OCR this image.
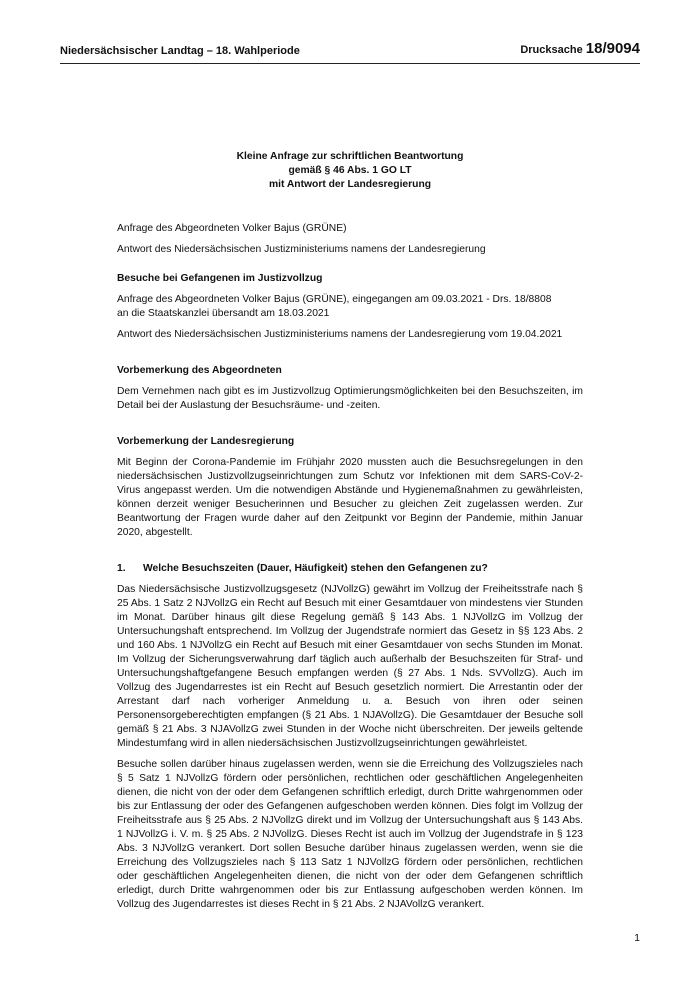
Niedersächsischer Landtag – 18. Wahlperiode	Drucksache 18/9094
Kleine Anfrage zur schriftlichen Beantwortung
gemäß § 46 Abs. 1 GO LT
mit Antwort der Landesregierung

Anfrage des Abgeordneten Volker Bajus (GRÜNE)

Antwort des Niedersächsischen Justizministeriums namens der Landesregierung

Besuche bei Gefangenen im Justizvollzug

Anfrage des Abgeordneten Volker Bajus (GRÜNE), eingegangen am 09.03.2021 - Drs. 18/8808
an die Staatskanzlei übersandt am 18.03.2021

Antwort des Niedersächsischen Justizministeriums namens der Landesregierung vom 19.04.2021

Vorbemerkung des Abgeordneten

Dem Vernehmen nach gibt es im Justizvollzug Optimierungsmöglichkeiten bei den Besuchszeiten, im Detail bei der Auslastung der Besuchsräume- und -zeiten.

Vorbemerkung der Landesregierung

Mit Beginn der Corona-Pandemie im Frühjahr 2020 mussten auch die Besuchsregelungen in den niedersächsischen Justizvollzugseinrichtungen zum Schutz vor Infektionen mit dem SARS-CoV-2-Virus angepasst werden. Um die notwendigen Abstände und Hygienemaßnahmen zu gewährleisten, können derzeit weniger Besucherinnen und Besucher zu gleichen Zeit zugelassen werden. Zur Beantwortung der Fragen wurde daher auf den Zeitpunkt vor Beginn der Pandemie, mithin Januar 2020, abgestellt.

1.	Welche Besuchszeiten (Dauer, Häufigkeit) stehen den Gefangenen zu?

Das Niedersächsische Justizvollzugsgesetz (NJVollzG) gewährt im Vollzug der Freiheitsstrafe nach § 25 Abs. 1 Satz 2 NJVollzG ein Recht auf Besuch mit einer Gesamtdauer von mindestens vier Stunden im Monat. Darüber hinaus gilt diese Regelung gemäß § 143 Abs. 1 NJVollzG im Vollzug der Untersuchungshaft entsprechend. Im Vollzug der Jugendstrafe normiert das Gesetz in §§ 123 Abs. 2 und 160 Abs. 1 NJVollzG ein Recht auf Besuch mit einer Gesamtdauer von sechs Stunden im Monat. Im Vollzug der Sicherungsverwahrung darf täglich auch außerhalb der Besuchszeiten für Straf- und Untersuchungshaftgefangene Besuch empfangen werden (§ 27 Abs. 1 Nds. SVVollzG). Auch im Vollzug des Jugendarrestes ist ein Recht auf Besuch gesetzlich normiert. Die Arrestantin oder der Arrestant darf nach vorheriger Anmeldung u. a. Besuch von ihren oder seinen Personensorgeberechtigten empfangen (§ 21 Abs. 1 NJAVollzG). Die Gesamtdauer der Besuche soll gemäß § 21 Abs. 3 NJAVollzG zwei Stunden in der Woche nicht überschreiten. Der jeweils geltende Mindestumfang wird in allen niedersächsischen Justizvollzugseinrichtungen gewährleistet.

Besuche sollen darüber hinaus zugelassen werden, wenn sie die Erreichung des Vollzugszieles nach § 5 Satz 1 NJVollzG fördern oder persönlichen, rechtlichen oder geschäftlichen Angelegenheiten dienen, die nicht von der oder dem Gefangenen schriftlich erledigt, durch Dritte wahrgenommen oder bis zur Entlassung der oder des Gefangenen aufgeschoben werden können. Dies folgt im Vollzug der Freiheitsstrafe aus § 25 Abs. 2 NJVollzG direkt und im Vollzug der Untersuchungshaft aus § 143 Abs. 1 NJVollzG i. V. m. § 25 Abs. 2 NJVollzG. Dieses Recht ist auch im Vollzug der Jugendstrafe in § 123 Abs. 3 NJVollzG verankert. Dort sollen Besuche darüber hinaus zugelassen werden, wenn sie die Erreichung des Vollzugszieles nach § 113 Satz 1 NJVollzG fördern oder persönlichen, rechtlichen oder geschäftlichen Angelegenheiten dienen, die nicht von der oder dem Gefangenen schriftlich erledigt, durch Dritte wahrgenommen oder bis zur Entlassung aufgeschoben werden können. Im Vollzug des Jugendarrestes ist dieses Recht in § 21 Abs. 2 NJAVollzG verankert.

1
